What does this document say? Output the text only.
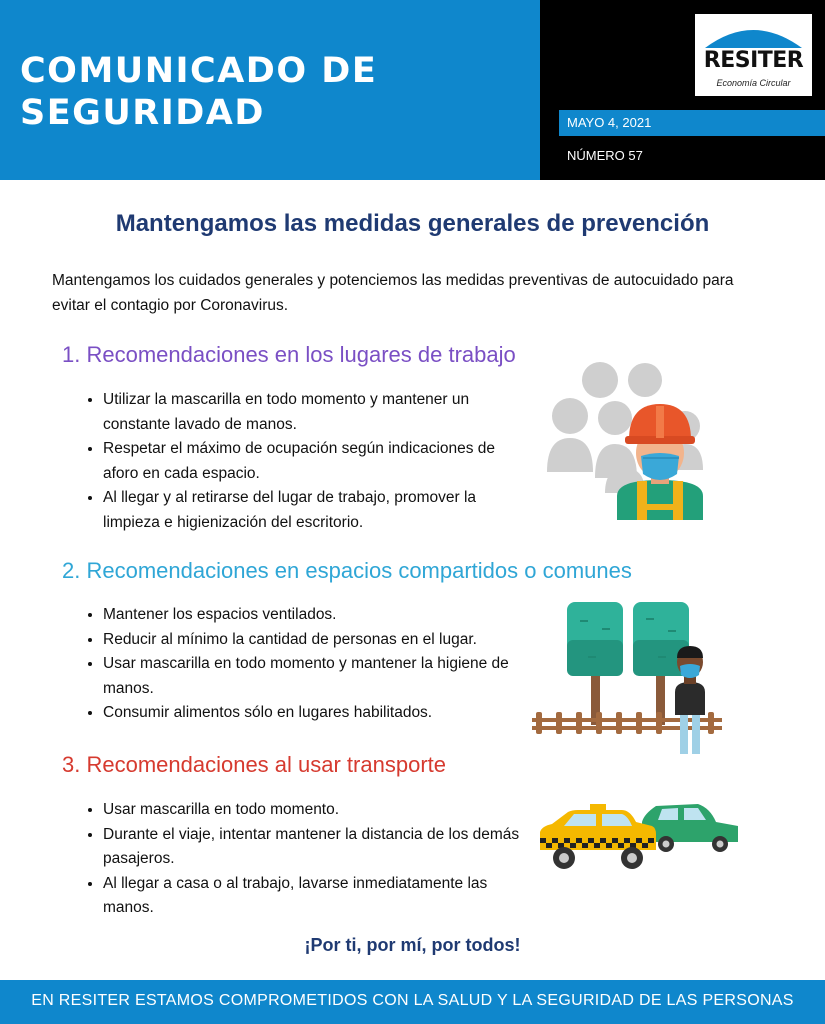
COMUNICADO DE
SEGURIDAD
RESITER
Economía Circular
MAYO 4, 2021
NÚMERO 57
Mantengamos las medidas generales de prevención
Mantengamos los cuidados generales y potenciemos las medidas preventivas de autocuidado para evitar el contagio por Coronavirus.
1. Recomendaciones en los lugares de trabajo
• Utilizar la mascarilla en todo momento y mantener un constante lavado de manos.
• Respetar el máximo de ocupación según indicaciones de aforo en cada espacio.
• Al llegar y al retirarse del lugar de trabajo, promover la limpieza e higienización del escritorio.
2. Recomendaciones en espacios compartidos o comunes
• Mantener los espacios ventilados.
• Reducir al mínimo la cantidad de personas en el lugar.
• Usar mascarilla en todo momento y mantener la higiene de manos.
• Consumir alimentos sólo en lugares habilitados.
3. Recomendaciones al usar transporte
• Usar mascarilla en todo momento.
• Durante el viaje, intentar mantener la distancia de los demás pasajeros.
• Al llegar a casa o al trabajo, lavarse inmediatamente las manos.
¡Por ti, por mí, por todos!
EN RESITER ESTAMOS COMPROMETIDOS CON LA SALUD Y LA SEGURIDAD DE LAS PERSONAS
